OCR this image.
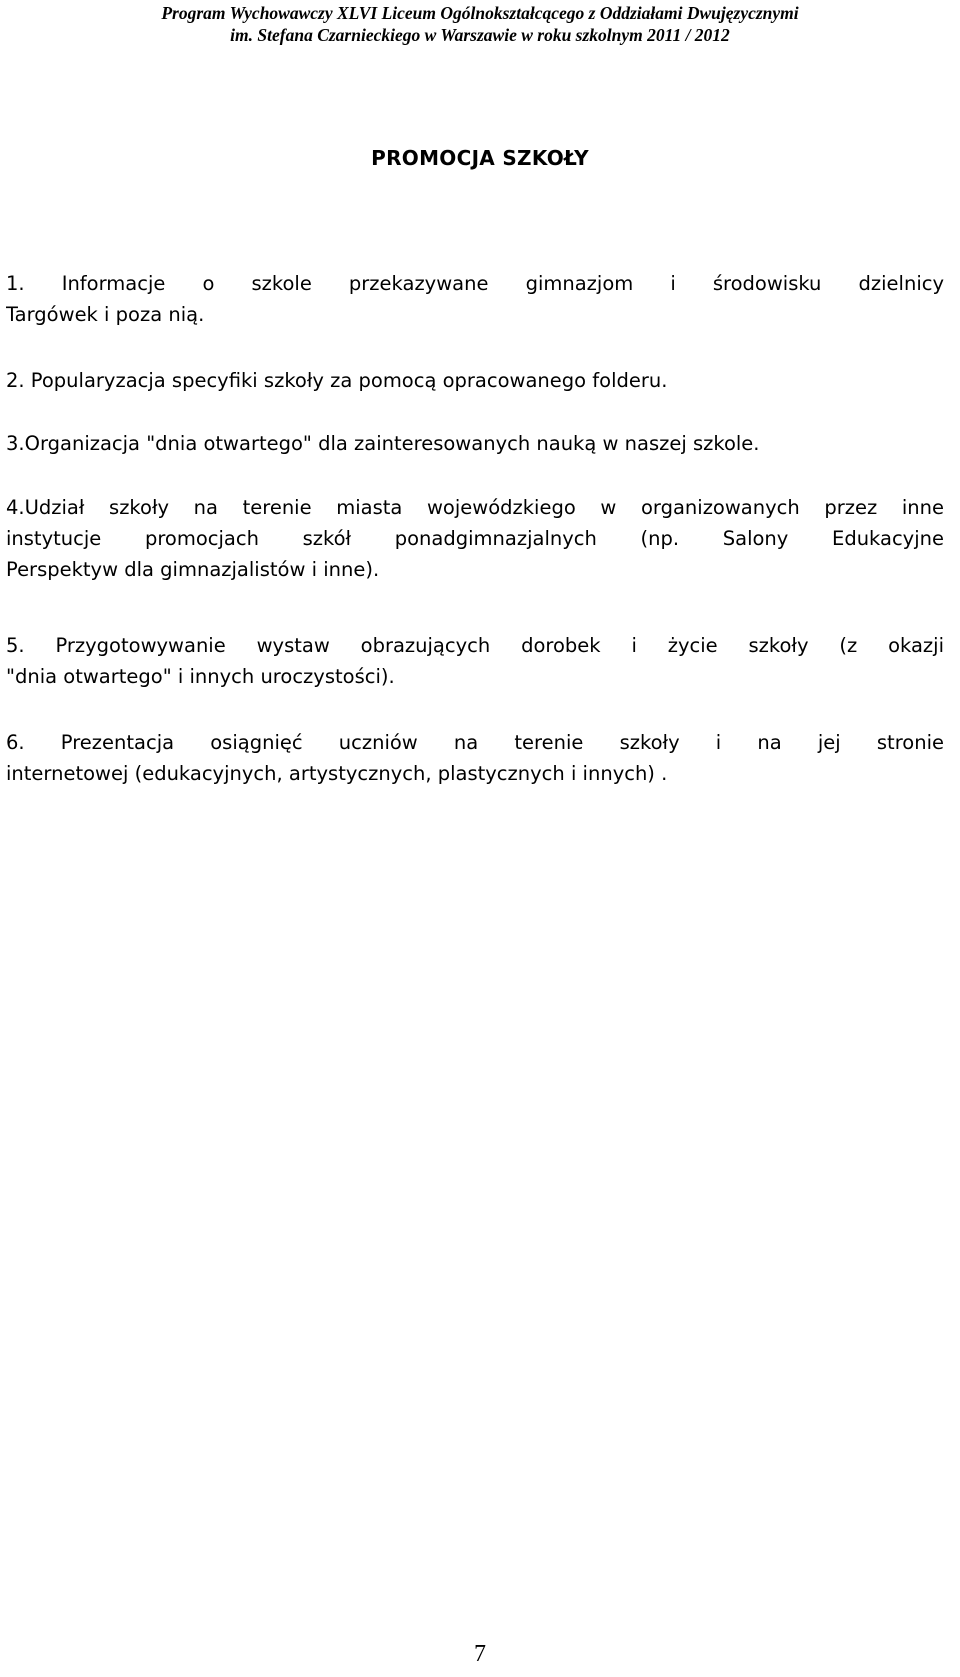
Program Wychowawczy XLVI Liceum Ogólnokształcącego z Oddziałami Dwujęzycznymi
im. Stefana Czarnieckiego w Warszawie w roku szkolnym 2011 / 2012
PROMOCJA SZKOŁY
1. Informacje o szkole przekazywane gimnazjom i środowisku dzielnicy
Targówek i poza nią.
2. Popularyzacja specyfiki szkoły za pomocą opracowanego folderu.
3.Organizacja "dnia otwartego" dla zainteresowanych nauką w naszej szkole.
4.Udział szkoły na terenie miasta wojewódzkiego w organizowanych przez inne
instytucje promocjach szkół ponadgimnazjalnych (np. Salony Edukacyjne
Perspektyw dla gimnazjalistów i inne).
5. Przygotowywanie wystaw obrazujących dorobek i życie szkoły (z okazji
"dnia otwartego" i innych uroczystości).
6. Prezentacja osiągnięć uczniów na terenie szkoły i na jej stronie
internetowej (edukacyjnych, artystycznych, plastycznych i innych) .
7
